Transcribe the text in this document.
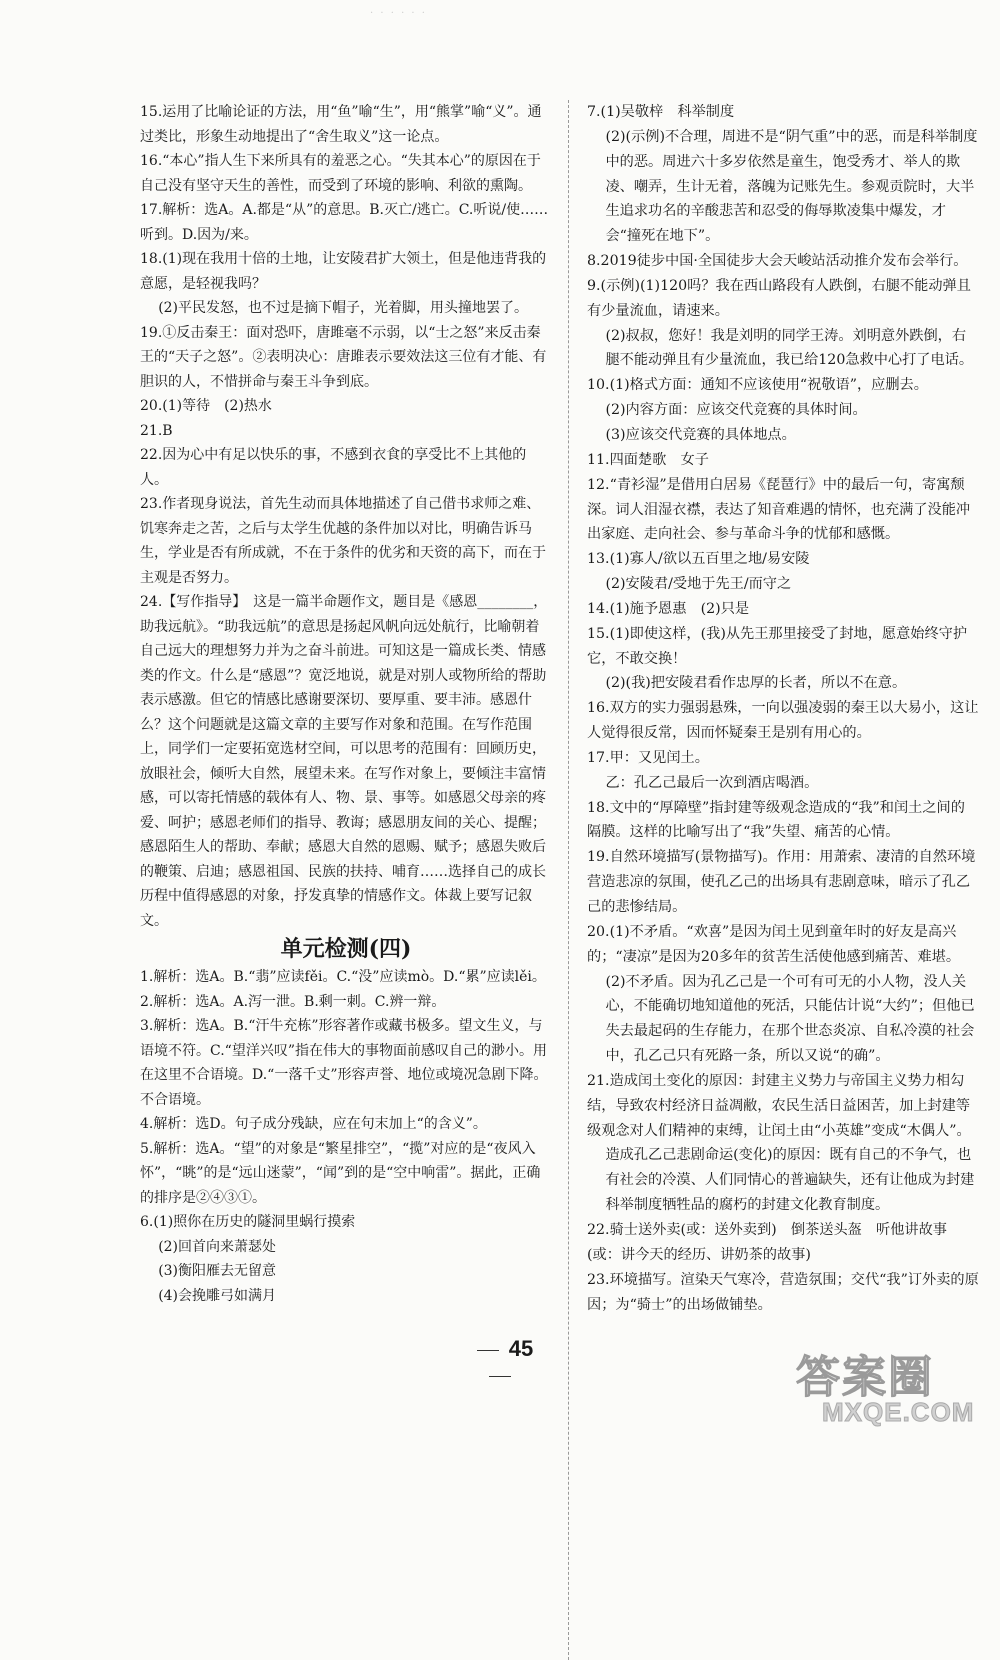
· · · · · ·

15.运用了比喻论证的方法，用“鱼”喻“生”，用“熊掌”喻“义”。通过类比，形象生动地提出了“舍生取义”这一论点。

16.“本心”指人生下来所具有的羞恶之心。“失其本心”的原因在于自己没有坚守天生的善性，而受到了环境的影响、利欲的熏陶。

17.解析：选A。A.都是“从”的意思。B.灭亡/逃亡。C.听说/使……听到。D.因为/来。

18.(1)现在我用十倍的土地，让安陵君扩大领土，但是他违背我的意愿，是轻视我吗？

(2)平民发怒，也不过是摘下帽子，光着脚，用头撞地罢了。

19.①反击秦王：面对恐吓，唐雎毫不示弱，以“士之怒”来反击秦王的“天子之怒”。②表明决心：唐雎表示要效法这三位有才能、有胆识的人，不惜拼命与秦王斗争到底。

20.(1)等待　(2)热水

21.B

22.因为心中有足以快乐的事，不感到衣食的享受比不上其他的人。

23.作者现身说法，首先生动而具体地描述了自己借书求师之难、饥寒奔走之苦，之后与太学生优越的条件加以对比，明确告诉马生，学业是否有所成就，不在于条件的优劣和天资的高下，而在于主观是否努力。

24.【写作指导】　这是一篇半命题作文，题目是《感恩________，助我远航》。“助我远航”的意思是扬起风帆向远处航行，比喻朝着自己远大的理想努力并为之奋斗前进。可知这是一篇成长类、情感类的作文。什么是“感恩”？宽泛地说，就是对别人或物所给的帮助表示感激。但它的情感比感谢要深切、要厚重、要丰沛。感恩什么？这个问题就是这篇文章的主要写作对象和范围。在写作范围上，同学们一定要拓宽选材空间，可以思考的范围有：回顾历史，放眼社会，倾听大自然，展望未来。在写作对象上，要倾注丰富情感，可以寄托情感的载体有人、物、景、事等。如感恩父母亲的疼爱、呵护；感恩老师们的指导、教诲；感恩朋友间的关心、提醒；感恩陌生人的帮助、奉献；感恩大自然的恩赐、赋予；感恩失败后的鞭策、启迪；感恩祖国、民族的扶持、哺育……选择自己的成长历程中值得感恩的对象，抒发真挚的情感作文。体裁上要写记叙文。

单元检测(四)

1.解析：选A。B.“翡”应读fěi。C.“没”应读mò。D.“累”应读lěi。

2.解析：选A。A.泻一泄。B.剩一刺。C.辨一辩。

3.解析：选A。B.“汗牛充栋”形容著作或藏书极多。望文生义，与语境不符。C.“望洋兴叹”指在伟大的事物面前感叹自己的渺小。用在这里不合语境。D.“一落千丈”形容声誉、地位或境况急剧下降。不合语境。

4.解析：选D。句子成分残缺，应在句末加上“的含义”。

5.解析：选A。“望”的对象是“繁星排空”，“揽”对应的是“夜风入怀”，“眺”的是“远山迷蒙”，“闻”到的是“空中响雷”。据此，正确的排序是②④③①。

6.(1)照你在历史的隧洞里蜗行摸索

(2)回首向来萧瑟处

(3)衡阳雁去无留意

(4)会挽雕弓如满月

7.(1)吴敬梓　科举制度

(2)(示例)不合理，周进不是“阴气重”中的恶，而是科举制度中的恶。周进六十多岁依然是童生，饱受秀才、举人的欺凌、嘲弄，生计无着，落魄为记账先生。参观贡院时，大半生追求功名的辛酸悲苦和忍受的侮辱欺凌集中爆发，才会“撞死在地下”。

8.2019徒步中国·全国徒步大会天峻站活动推介发布会举行。

9.(示例)(1)120吗？我在西山路段有人跌倒，右腿不能动弹且有少量流血，请速来。

(2)叔叔，您好！我是刘明的同学王涛。刘明意外跌倒，右腿不能动弹且有少量流血，我已给120急救中心打了电话。

10.(1)格式方面：通知不应该使用“祝敬语”，应删去。

(2)内容方面：应该交代竞赛的具体时间。

(3)应该交代竞赛的具体地点。

11.四面楚歌　女子

12.“青衫湿”是借用白居易《琵琶行》中的最后一句，寄寓颓深。词人泪湿衣襟，表达了知音难遇的情怀，也充满了没能冲出家庭、走向社会、参与革命斗争的忧郁和感慨。

13.(1)寡人/欲以五百里之地/易安陵

(2)安陵君/受地于先王/而守之

14.(1)施予恩惠　(2)只是

15.(1)即使这样，(我)从先王那里接受了封地，愿意始终守护它，不敢交换！

(2)(我)把安陵君看作忠厚的长者，所以不在意。

16.双方的实力强弱悬殊，一向以强凌弱的秦王以大易小，这让人觉得很反常，因而怀疑秦王是别有用心的。

17.甲：又见闰土。

乙：孔乙己最后一次到酒店喝酒。

18.文中的“厚障壁”指封建等级观念造成的“我”和闰土之间的隔膜。这样的比喻写出了“我”失望、痛苦的心情。

19.自然环境描写(景物描写)。作用：用萧索、凄清的自然环境营造悲凉的氛围，使孔乙己的出场具有悲剧意味，暗示了孔乙己的悲惨结局。

20.(1)不矛盾。“欢喜”是因为闰土见到童年时的好友是高兴的；“凄凉”是因为20多年的贫苦生活使他感到痛苦、难堪。

(2)不矛盾。因为孔乙己是一个可有可无的小人物，没人关心，不能确切地知道他的死活，只能估计说“大约”；但他已失去最起码的生存能力，在那个世态炎凉、自私冷漠的社会中，孔乙己只有死路一条，所以又说“的确”。

21.造成闰土变化的原因：封建主义势力与帝国主义势力相勾结，导致农村经济日益凋敝，农民生活日益困苦，加上封建等级观念对人们精神的束缚，让闰土由“小英雄”变成“木偶人”。

造成孔乙己悲剧命运(变化)的原因：既有自己的不争气，也有社会的冷漠、人们同情心的普遍缺失，还有让他成为封建科举制度牺牲品的腐朽的封建文化教育制度。

22.骑士送外卖(或：送外卖到)　倒茶送头盔　听他讲故事(或：讲今天的经历、讲奶茶的故事)

23.环境描写。渲染天气寒冷，营造氛围；交代“我”订外卖的原因；为“骑士”的出场做铺垫。

45
答案圈
MXQE.COM
